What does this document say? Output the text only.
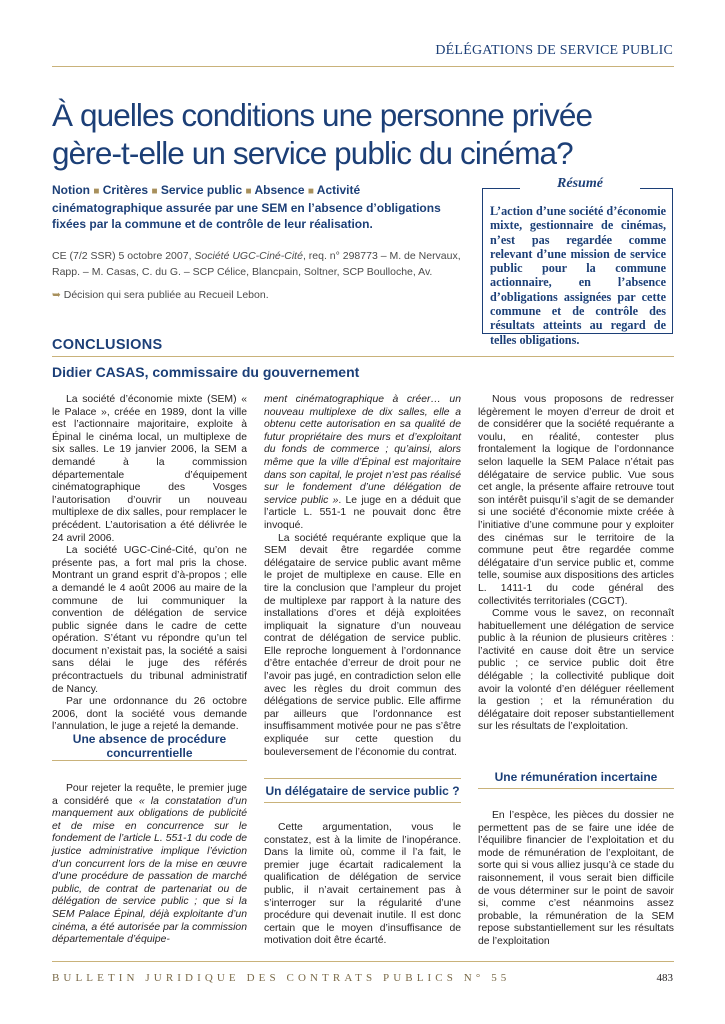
DÉLÉGATIONS DE SERVICE PUBLIC
À quelles conditions une personne privée
gère-t-elle un service public du cinéma?

Notion ■ Critères ■ Service public ■ Absence ■ Activité cinématographique assurée par une SEM en l’absence d’obligations fixées par la commune et de contrôle de leur réalisation.

CE (7/2 SSR) 5 octobre 2007, Société UGC-Ciné-Cité, req. n° 298773 – M. de Nervaux, Rapp. – M. Casas, C. du G. – SCP Célice, Blancpain, Soltner, SCP Boulloche, Av.

➥ Décision qui sera publiée au Recueil Lebon.
Résumé

L’action d’une société d’économie mixte, gestionnaire de cinémas, n’est pas regardée comme relevant d’une mission de service public pour la commune actionnaire, en l’absence d’obligations assignées par cette commune et de contrôle des résultats atteints au regard de telles obligations.

CONCLUSIONS
Didier CASAS, commissaire du gouvernement

La société d’économie mixte (SEM) « le Palace », créée en 1989, dont la ville est l’actionnaire majoritaire, exploite à Épinal le cinéma local, un multiplexe de six salles. Le 19 janvier 2006, la SEM a demandé à la commission départementale d’équipement cinématographique des Vosges l’autorisation d’ouvrir un nouveau multiplexe de dix salles, pour remplacer le précédent. L’autorisation a été délivrée le 24 avril 2006.

La société UGC-Ciné-Cité, qu’on ne présente pas, a fort mal pris la chose. Montrant un grand esprit d’à-propos ; elle a demandé le 4 août 2006 au maire de la commune de lui communiquer la convention de délégation de service public signée dans le cadre de cette opération. S’étant vu répondre qu’un tel document n’existait pas, la société a saisi sans délai le juge des référés précontractuels du tribunal administratif de Nancy.

Par une ordonnance du 26 octobre 2006, dont la société vous demande l’annulation, le juge a rejeté la demande.

Une absence de procédure concurrentielle

Pour rejeter la requête, le premier juge a considéré que « la constatation d’un manquement aux obligations de publicité et de mise en concurrence sur le fondement de l’article L. 551-1 du code de justice administrative implique l’éviction d’un concurrent lors de la mise en œuvre d’une procédure de passation de marché public, de contrat de partenariat ou de délégation de service public ; que si la SEM Palace Épinal, déjà exploitante d’un cinéma, a été autorisée par la commission départementale d’équipe-

ment cinématographique à créer… un nouveau multiplexe de dix salles, elle a obtenu cette autorisation en sa qualité de futur propriétaire des murs et d’exploitant du fonds de commerce ; qu’ainsi, alors même que la ville d’Épinal est majoritaire dans son capital, le projet n’est pas réalisé sur le fondement d’une délégation de service public ». Le juge en a déduit que l’article L. 551-1 ne pouvait donc être invoqué.

La société requérante explique que la SEM devait être regardée comme délégataire de service public avant même le projet de multiplexe en cause. Elle en tire la conclusion que l’ampleur du projet de multiplexe par rapport à la nature des installations d’ores et déjà exploitées impliquait la signature d’un nouveau contrat de délégation de service public. Elle reproche longuement à l’ordonnance d’être entachée d’erreur de droit pour ne l’avoir pas jugé, en contradiction selon elle avec les règles du droit commun des délégations de service public. Elle affirme par ailleurs que l’ordonnance est insuffisamment motivée pour ne pas s’être expliquée sur cette question du bouleversement de l’économie du contrat.

Un délégataire de service public ?

Cette argumentation, vous le constatez, est à la limite de l’inopérance. Dans la limite où, comme il l’a fait, le premier juge écartait radicalement la qualification de délégation de service public, il n’avait certainement pas à s’interroger sur la régularité d’une procédure qui devenait inutile. Il est donc certain que le moyen d’insuffisance de motivation doit être écarté.

Nous vous proposons de redresser légèrement le moyen d’erreur de droit et de considérer que la société requérante a voulu, en réalité, contester plus frontalement la logique de l’ordonnance selon laquelle la SEM Palace n’était pas délégataire de service public. Vue sous cet angle, la présente affaire retrouve tout son intérêt puisqu’il s’agit de se demander si une société d’économie mixte créée à l’initiative d’une commune pour y exploiter des cinémas sur le territoire de la commune peut être regardée comme délégataire d’un service public et, comme telle, soumise aux dispositions des articles L. 1411-1 du code général des collectivités territoriales (CGCT).

Comme vous le savez, on reconnaît habituellement une délégation de service public à la réunion de plusieurs critères : l’activité en cause doit être un service public ; ce service public doit être délégable ; la collectivité publique doit avoir la volonté d’en déléguer réellement la gestion ; et la rémunération du délégataire doit reposer substantiellement sur les résultats de l’exploitation.

Une rémunération incertaine

En l’espèce, les pièces du dossier ne permettent pas de se faire une idée de l’équilibre financier de l’exploitation et du mode de rémunération de l’exploitant, de sorte qui si vous alliez jusqu’à ce stade du raisonnement, il vous serait bien difficile de vous déterminer sur le point de savoir si, comme c’est néanmoins assez probable, la rémunération de la SEM repose substantiellement sur les résultats de l’exploitation

BULLETIN JURIDIQUE DES CONTRATS PUBLICS N° 55	483
